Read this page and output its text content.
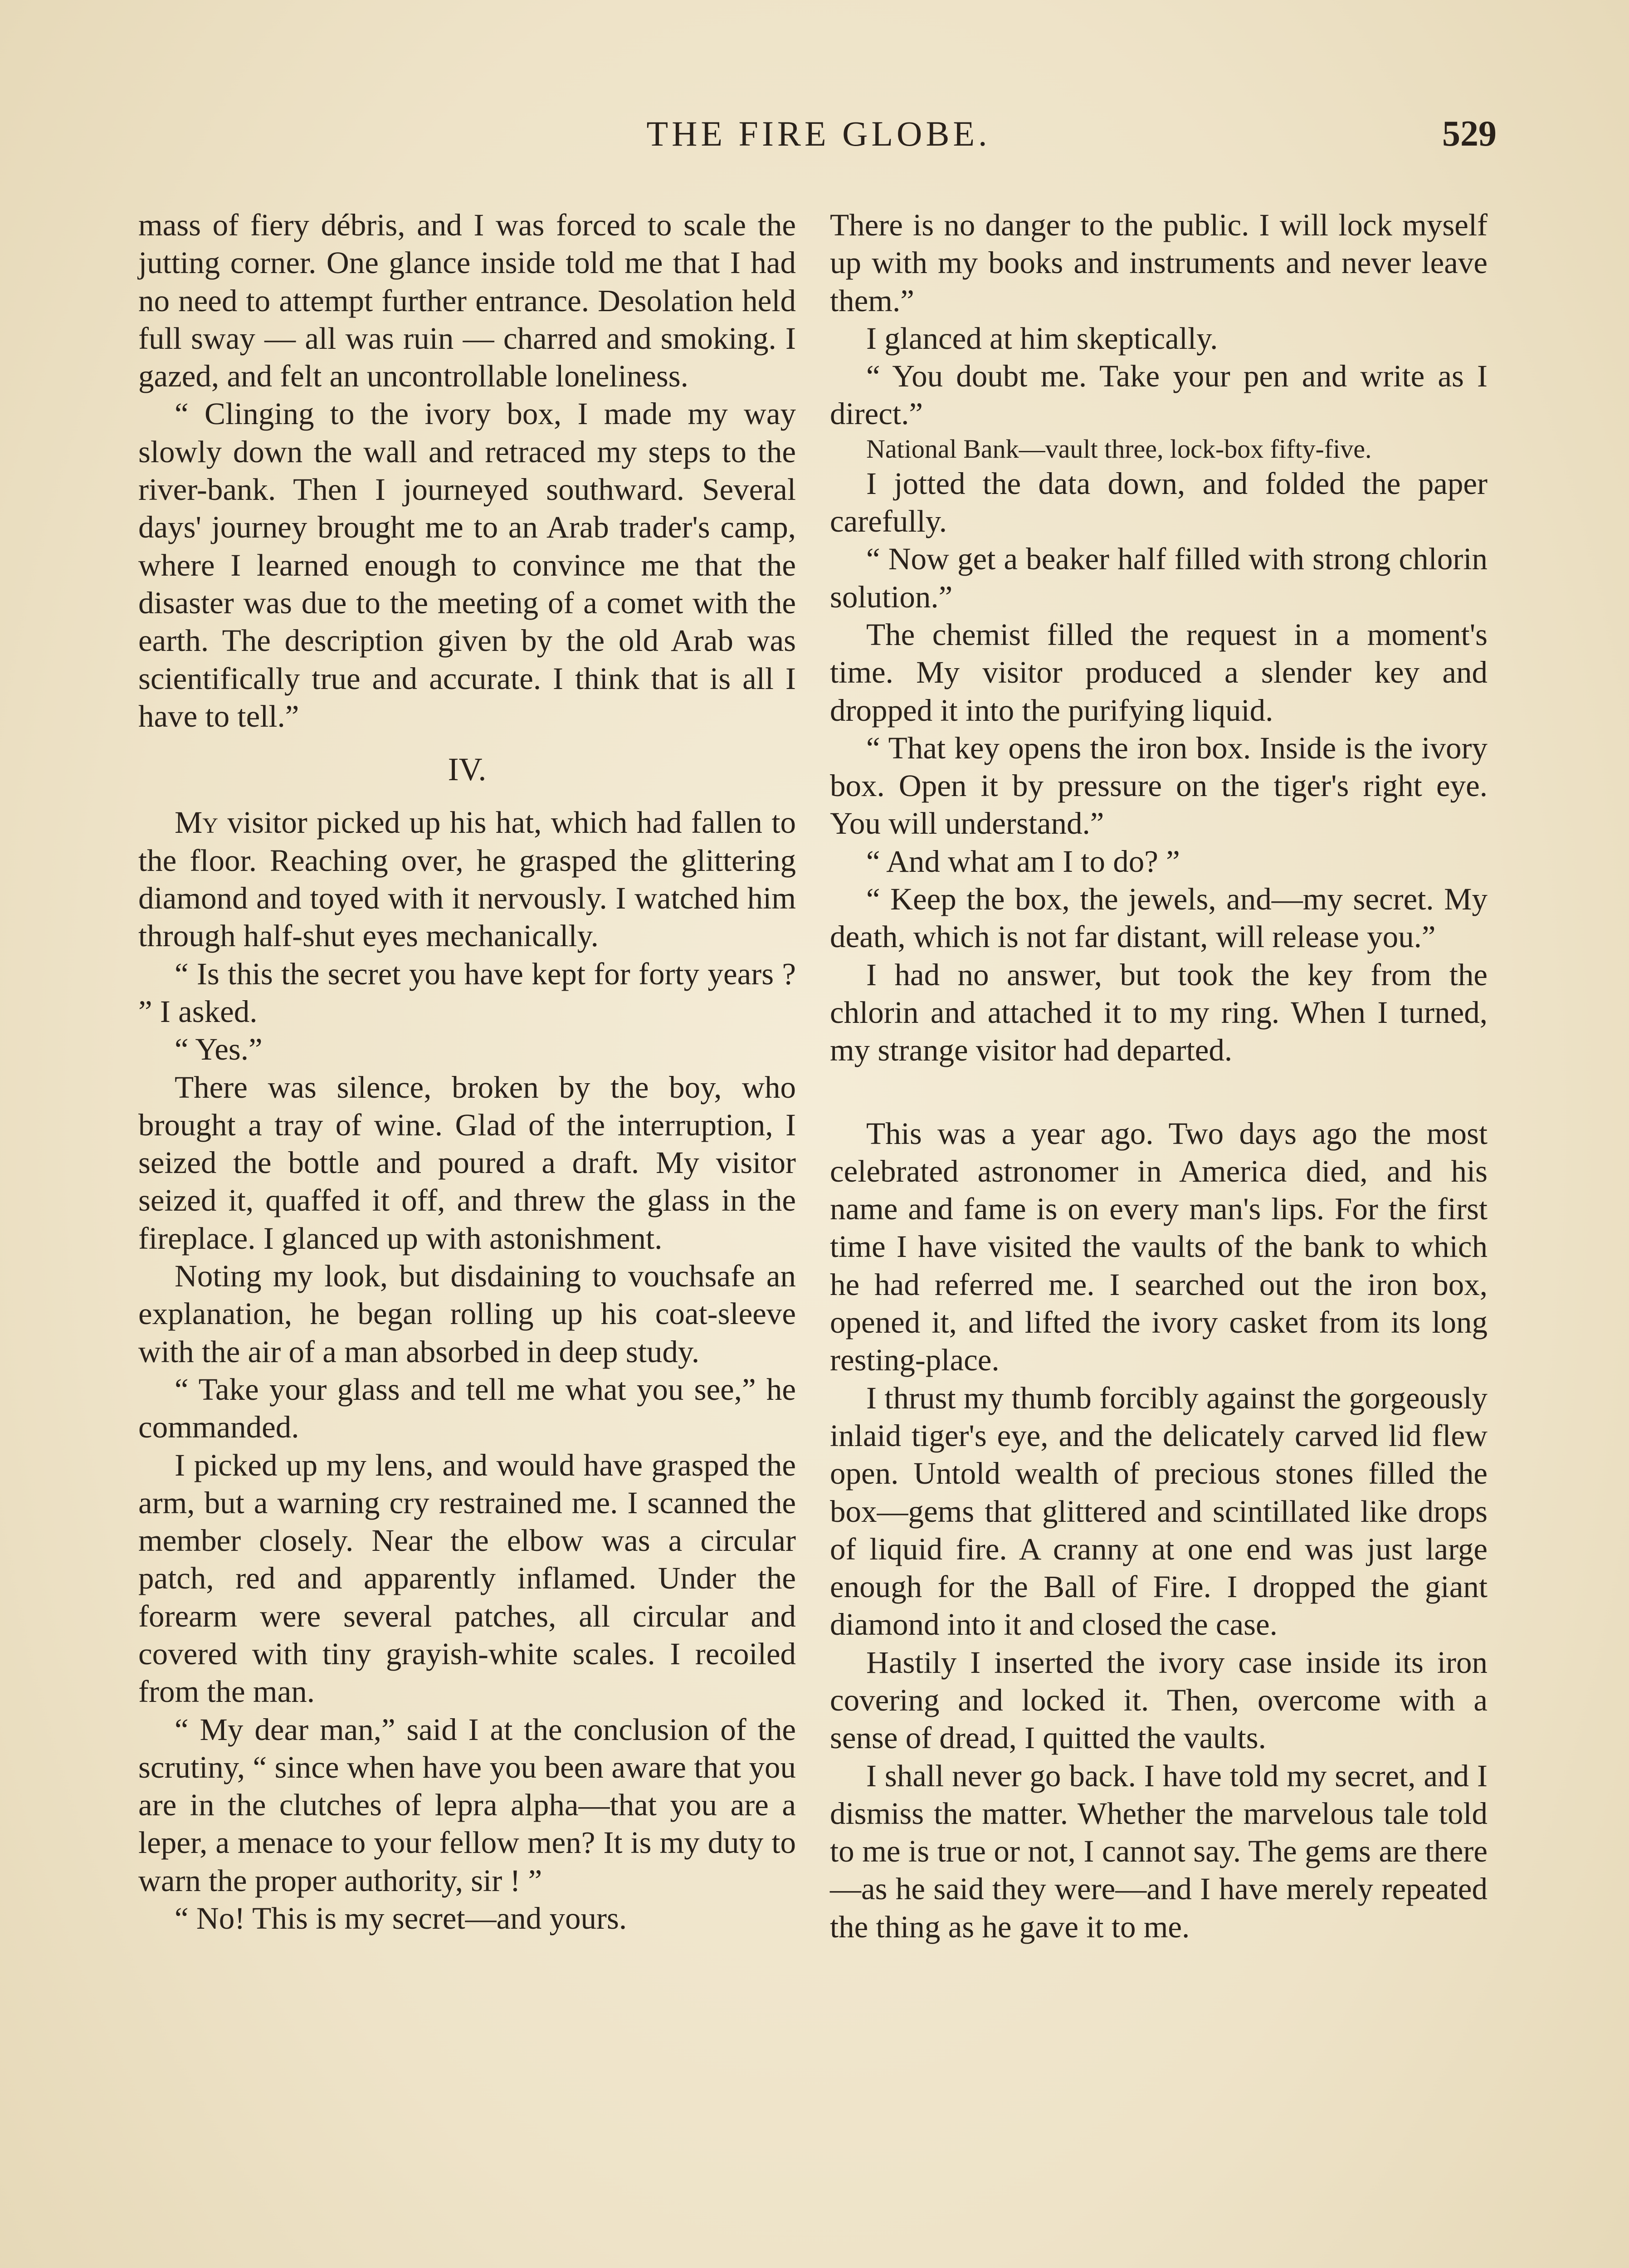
THE FIRE GLOBE.	529

mass of fiery débris, and I was forced to scale the jutting corner. One glance inside told me that I had no need to attempt further entrance. Desolation held full sway — all was ruin — charred and smoking. I gazed, and felt an uncontrollable loneliness.

“ Clinging to the ivory box, I made my way slowly down the wall and retraced my steps to the river-bank. Then I journeyed southward. Several days' journey brought me to an Arab trader's camp, where I learned enough to convince me that the disaster was due to the meeting of a comet with the earth. The description given by the old Arab was scientifically true and accurate. I think that is all I have to tell.”

IV.

My visitor picked up his hat, which had fallen to the floor. Reaching over, he grasped the glittering diamond and toyed with it nervously. I watched him through half-shut eyes mechanically.

“ Is this the secret you have kept for forty years ? ” I asked.

“ Yes.”

There was silence, broken by the boy, who brought a tray of wine. Glad of the interruption, I seized the bottle and poured a draft. My visitor seized it, quaffed it off, and threw the glass in the fireplace. I glanced up with astonishment.

Noting my look, but disdaining to vouchsafe an explanation, he began rolling up his coat-sleeve with the air of a man absorbed in deep study.

“ Take your glass and tell me what you see,” he commanded.

I picked up my lens, and would have grasped the arm, but a warning cry restrained me. I scanned the member closely. Near the elbow was a circular patch, red and apparently inflamed. Under the forearm were several patches, all circular and covered with tiny grayish-white scales. I recoiled from the man.

“ My dear man,” said I at the conclusion of the scrutiny, “ since when have you been aware that you are in the clutches of lepra alpha—that you are a leper, a menace to your fellow men? It is my duty to warn the proper authority, sir ! ”

“ No! This is my secret—and yours.

There is no danger to the public. I will lock myself up with my books and instruments and never leave them.”

I glanced at him skeptically.

“ You doubt me. Take your pen and write as I direct.”

National Bank—vault three, lock-box fifty-five.

I jotted the data down, and folded the paper carefully.

“ Now get a beaker half filled with strong chlorin solution.”

The chemist filled the request in a moment's time. My visitor produced a slender key and dropped it into the purifying liquid.

“ That key opens the iron box. Inside is the ivory box. Open it by pressure on the tiger's right eye. You will understand.”

“ And what am I to do? ”

“ Keep the box, the jewels, and—my secret. My death, which is not far distant, will release you.”

I had no answer, but took the key from the chlorin and attached it to my ring. When I turned, my strange visitor had departed.

This was a year ago. Two days ago the most celebrated astronomer in America died, and his name and fame is on every man's lips. For the first time I have visited the vaults of the bank to which he had referred me. I searched out the iron box, opened it, and lifted the ivory casket from its long resting-place.

I thrust my thumb forcibly against the gorgeously inlaid tiger's eye, and the delicately carved lid flew open. Untold wealth of precious stones filled the box—gems that glittered and scintillated like drops of liquid fire. A cranny at one end was just large enough for the Ball of Fire. I dropped the giant diamond into it and closed the case.

Hastily I inserted the ivory case inside its iron covering and locked it. Then, overcome with a sense of dread, I quitted the vaults.

I shall never go back. I have told my secret, and I dismiss the matter. Whether the marvelous tale told to me is true or not, I cannot say. The gems are there—as he said they were—and I have merely repeated the thing as he gave it to me.
